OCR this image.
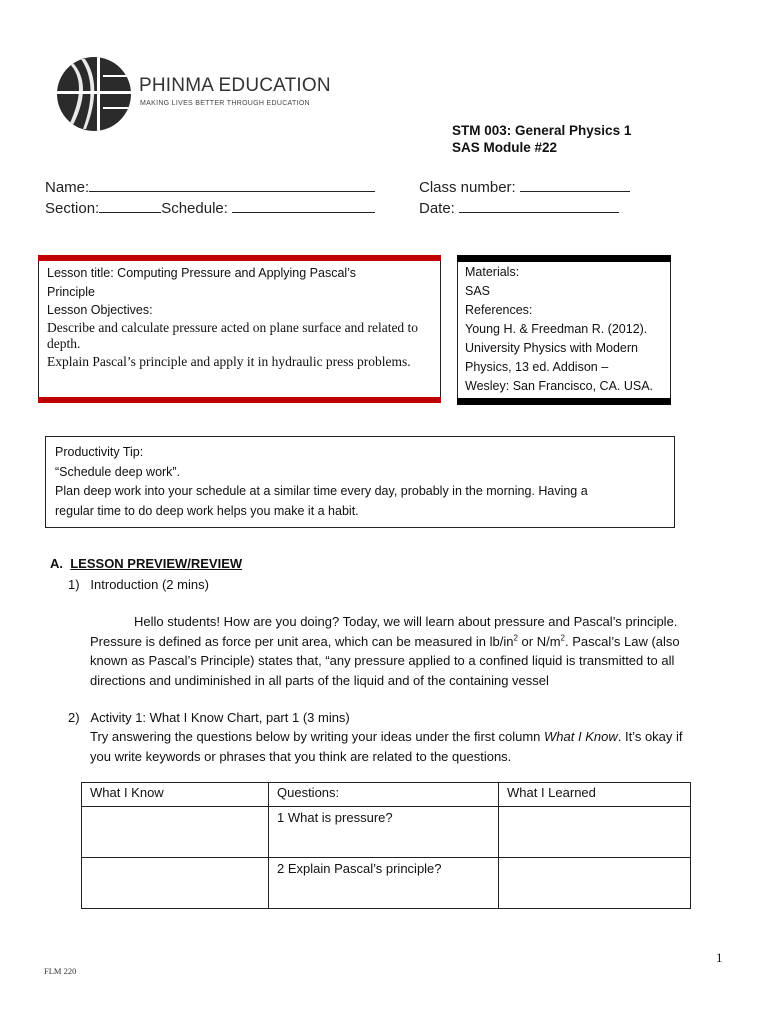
PHINMA EDUCATION
MAKING LIVES BETTER THROUGH EDUCATION
STM 003: General Physics 1
SAS Module #22
Name:
Section:	Schedule:
Class number:
Date:
Lesson title: Computing Pressure and Applying Pascal’s
Principle
Lesson Objectives:
Describe and calculate pressure acted on plane surface and related to depth.
Explain Pascal’s principle and apply it in hydraulic press problems.
Materials:
SAS
References:
Young H. & Freedman R. (2012).
University Physics with Modern
Physics, 13 ed. Addison –
Wesley: San Francisco, CA. USA.
Productivity Tip:
“Schedule deep work”.
Plan deep work into your schedule at a similar time every day, probably in the morning. Having a
regular time to do deep work helps you make it a habit.
A. LESSON PREVIEW/REVIEW
1) Introduction (2 mins)
Hello students! How are you doing? Today, we will learn about pressure and Pascal’s principle.
Pressure is defined as force per unit area, which can be measured in $lb/in^2$ or $N/m^2$. Pascal’s Law (also
known as Pascal’s Principle) states that, “any pressure applied to a confined liquid is transmitted to all
directions and undiminished in all parts of the liquid and of the containing vessel
2) Activity 1: What I Know Chart, part 1 (3 mins)
Try answering the questions below by writing your ideas under the first column What I Know. It’s okay if
you write keywords or phrases that you think are related to the questions.
What I Know	Questions:	What I Learned
	1 What is pressure?	
	2 Explain Pascal’s principle?	
FLM 220
1
